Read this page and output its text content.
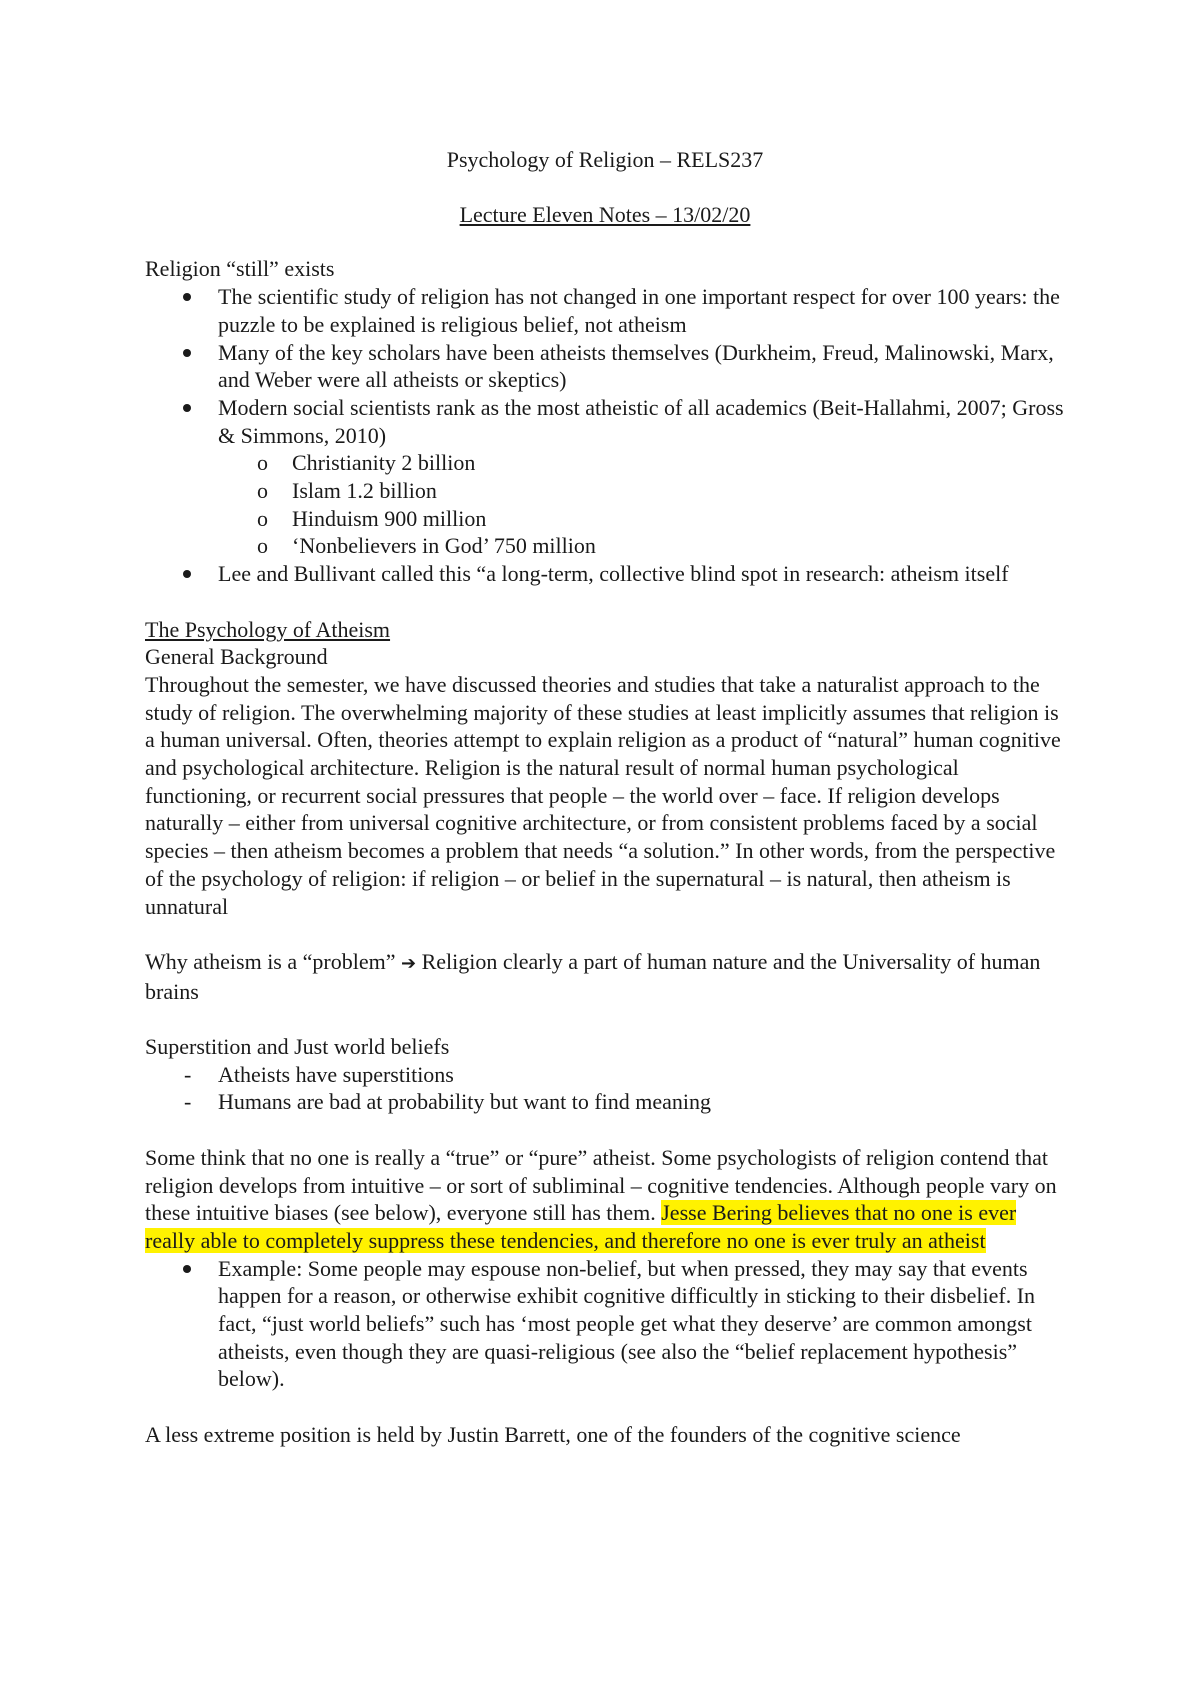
Psychology of Religion – RELS237

Lecture Eleven Notes – 13/02/20

Religion “still” exists

The scientific study of religion has not changed in one important respect for over 100 years: the puzzle to be explained is religious belief, not atheism
Many of the key scholars have been atheists themselves (Durkheim, Freud, Malinowski, Marx, and Weber were all atheists or skeptics)
Modern social scientists rank as the most atheistic of all academics (Beit-Hallahmi, 2007; Gross & Simmons, 2010)
o Christianity 2 billion
o Islam 1.2 billion
o Hinduism 900 million
o ‘Nonbelievers in God’ 750 million
Lee and Bullivant called this “a long-term, collective blind spot in research: atheism itself

The Psychology of Atheism

General Background

Throughout the semester, we have discussed theories and studies that take a naturalist approach to the study of religion. The overwhelming majority of these studies at least implicitly assumes that religion is a human universal. Often, theories attempt to explain religion as a product of “natural” human cognitive and psychological architecture. Religion is the natural result of normal human psychological functioning, or recurrent social pressures that people – the world over – face. If religion develops naturally – either from universal cognitive architecture, or from consistent problems faced by a social species – then atheism becomes a problem that needs “a solution.” In other words, from the perspective of the psychology of religion: if religion – or belief in the supernatural – is natural, then atheism is unnatural

Why atheism is a “problem” ➔ Religion clearly a part of human nature and the Universality of human brains

Superstition and Just world beliefs

- Atheists have superstitions
- Humans are bad at probability but want to find meaning

Some think that no one is really a “true” or “pure” atheist. Some psychologists of religion contend that religion develops from intuitive – or sort of subliminal – cognitive tendencies. Although people vary on these intuitive biases (see below), everyone still has them. Jesse Bering believes that no one is ever really able to completely suppress these tendencies, and therefore no one is ever truly an atheist

Example: Some people may espouse non-belief, but when pressed, they may say that events happen for a reason, or otherwise exhibit cognitive difficultly in sticking to their disbelief. In fact, “just world beliefs” such has ‘most people get what they deserve’ are common amongst atheists, even though they are quasi-religious (see also the “belief replacement hypothesis” below).

A less extreme position is held by Justin Barrett, one of the founders of the cognitive science
